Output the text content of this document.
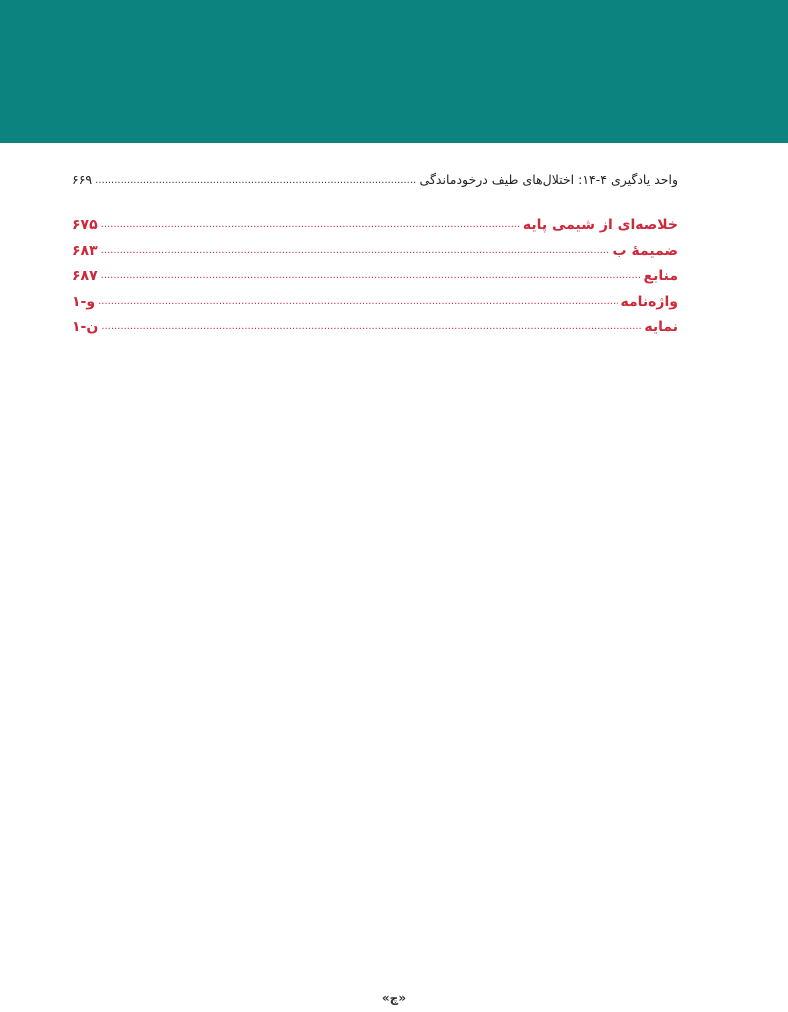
واحد یادگیری ۴-۱۴: اختلال‌های طیف درخودماندگی
.....
۶۶۹
خلاصه‌ای از شیمی پایه
.....
۶۷۵
ضمیمهٔ ب
.....
۶۸۳
منابع
.....
۶۸۷
واژه‌نامه
.....
و-۱
نمایه
.....
ن-۱
«چ»
